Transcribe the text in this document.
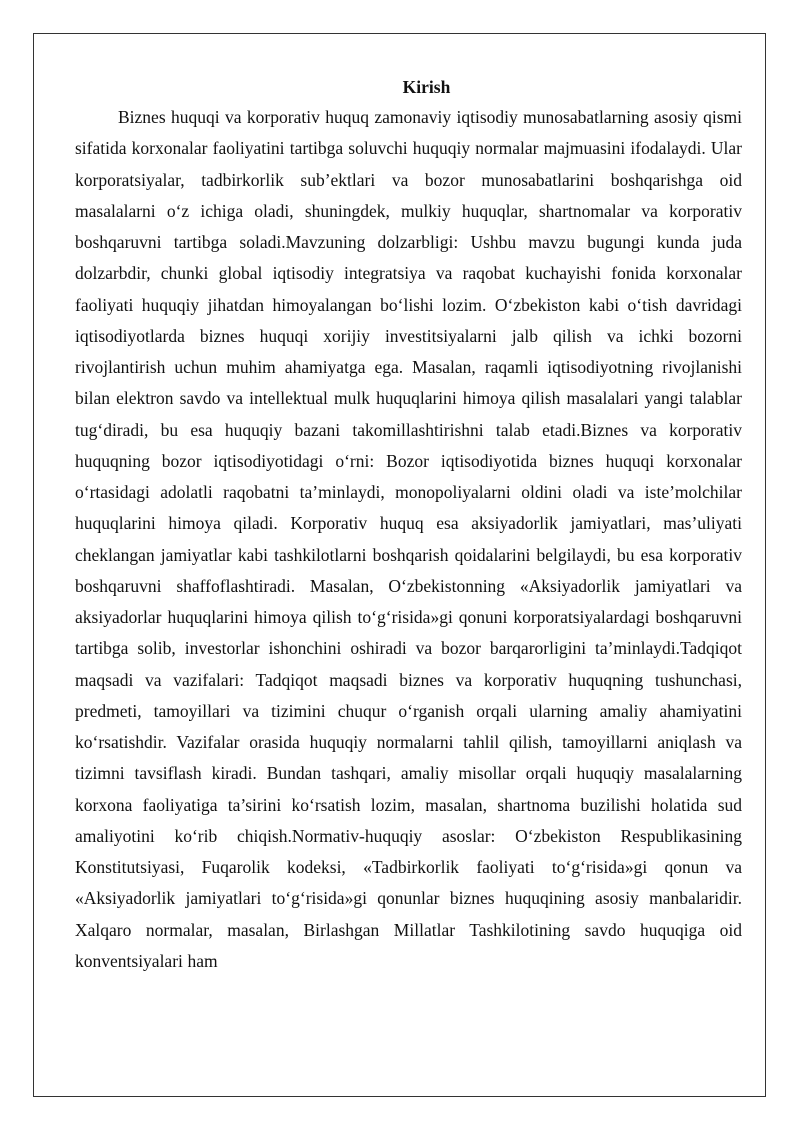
Kirish

Biznes huquqi va korporativ huquq zamonaviy iqtisodiy munosabatlarning asosiy qismi sifatida korxonalar faoliyatini tartibga soluvchi huquqiy normalar majmuasini ifodalaydi. Ular korporatsiyalar, tadbirkorlik sub’ektlari va bozor munosabatlarini boshqarishga oid masalalarni o‘z ichiga oladi, shuningdek, mulkiy huquqlar, shartnomalar va korporativ boshqaruvni tartibga soladi.Mavzuning dolzarbligi: Ushbu mavzu bugungi kunda juda dolzarbdir, chunki global iqtisodiy integratsiya va raqobat kuchayishi fonida korxonalar faoliyati huquqiy jihatdan himoyalangan bo‘lishi lozim. O‘zbekiston kabi o‘tish davridagi iqtisodiyotlarda biznes huquqi xorijiy investitsiyalarni jalb qilish va ichki bozorni rivojlantirish uchun muhim ahamiyatga ega. Masalan, raqamli iqtisodiyotning rivojlanishi bilan elektron savdo va intellektual mulk huquqlarini himoya qilish masalalari yangi talablar tug‘diradi, bu esa huquqiy bazani takomillashtirishni talab etadi.Biznes va korporativ huquqning bozor iqtisodiyotidagi o‘rni: Bozor iqtisodiyotida biznes huquqi korxonalar o‘rtasidagi adolatli raqobatni ta’minlaydi, monopoliyalarni oldini oladi va iste’molchilar huquqlarini himoya qiladi. Korporativ huquq esa aksiyadorlik jamiyatlari, mas’uliyati cheklangan jamiyatlar kabi tashkilotlarni boshqarish qoidalarini belgilaydi, bu esa korporativ boshqaruvni shaffoflashtiradi. Masalan, O‘zbekistonning «Aksiyadorlik jamiyatlari va aksiyadorlar huquqlarini himoya qilish to‘g‘risida»gi qonuni korporatsiyalardagi boshqaruvni tartibga solib, investorlar ishonchini oshiradi va bozor barqarorligini ta’minlaydi.Tadqiqot maqsadi va vazifalari: Tadqiqot maqsadi biznes va korporativ huquqning tushunchasi, predmeti, tamoyillari va tizimini chuqur o‘rganish orqali ularning amaliy ahamiyatini ko‘rsatishdir. Vazifalar orasida huquqiy normalarni tahlil qilish, tamoyillarni aniqlash va tizimni tavsiflash kiradi. Bundan tashqari, amaliy misollar orqali huquqiy masalalarning korxona faoliyatiga ta’sirini ko‘rsatish lozim, masalan, shartnoma buzilishi holatida sud amaliyotini ko‘rib chiqish.Normativ-huquqiy asoslar: O‘zbekiston Respublikasining Konstitutsiyasi, Fuqarolik kodeksi, «Tadbirkorlik faoliyati to‘g‘risida»gi qonun va «Aksiyadorlik jamiyatlari to‘g‘risida»gi qonunlar biznes huquqining asosiy manbalaridir. Xalqaro normalar, masalan, Birlashgan Millatlar Tashkilotining savdo huquqiga oid konventsiyalari ham
